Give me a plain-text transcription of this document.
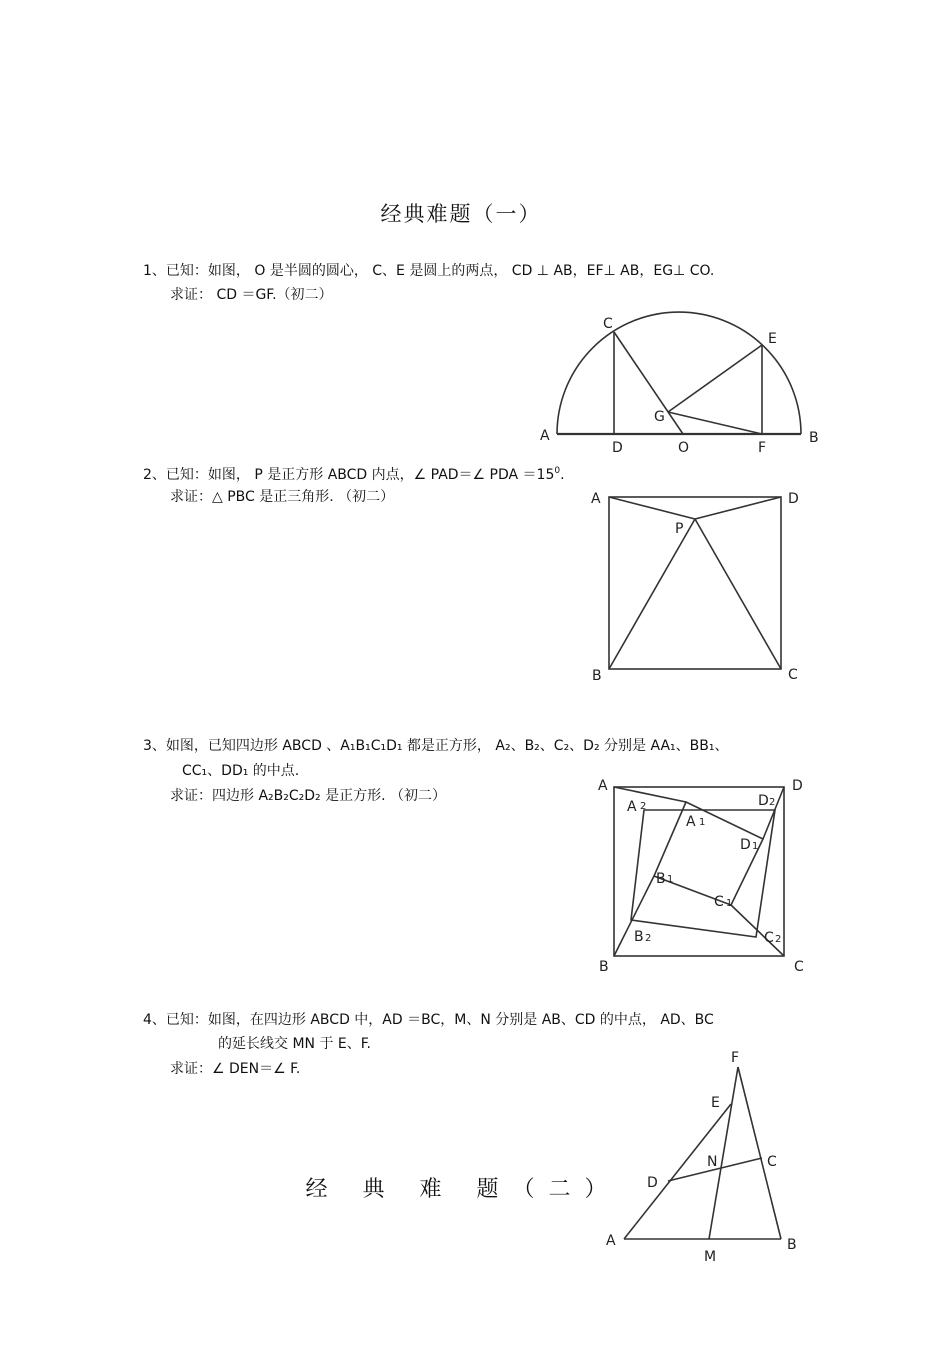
经典难题（一）
1、已知：如图， O 是半圆的圆心， C、E 是圆上的两点， CD ⊥ AB，EF⊥ AB，EG⊥ CO.
求证： CD ＝GF.（初二）
2、已知：如图， P 是正方形 ABCD 内点，∠ PAD＝∠ PDA $=15^0$.
求证：△ PBC 是正三角形. （初二）
3、如图，已知四边形 ABCD 、A₁B₁C₁D₁ 都是正方形， A₂、B₂、C₂、D₂ 分别是 AA₁、BB₁、
CC₁、DD₁ 的中点.
求证：四边形 A₂B₂C₂D₂ 是正方形. （初二）
4、已知：如图，在四边形 ABCD 中，AD ＝BC，M、N 分别是 AB、CD 的中点， AD、BC
的延长线交 MN 于 E、F.
求证：∠ DEN＝∠ F.
经 典 难 题（二）
C
E
G
A
D	O	F
B
A	D
P
B	C
A	D
A 2	D 2
A 1
D 1
B 1
C 1
B 2	C 2
B	C
F
E
N	C
D
A
M
B
